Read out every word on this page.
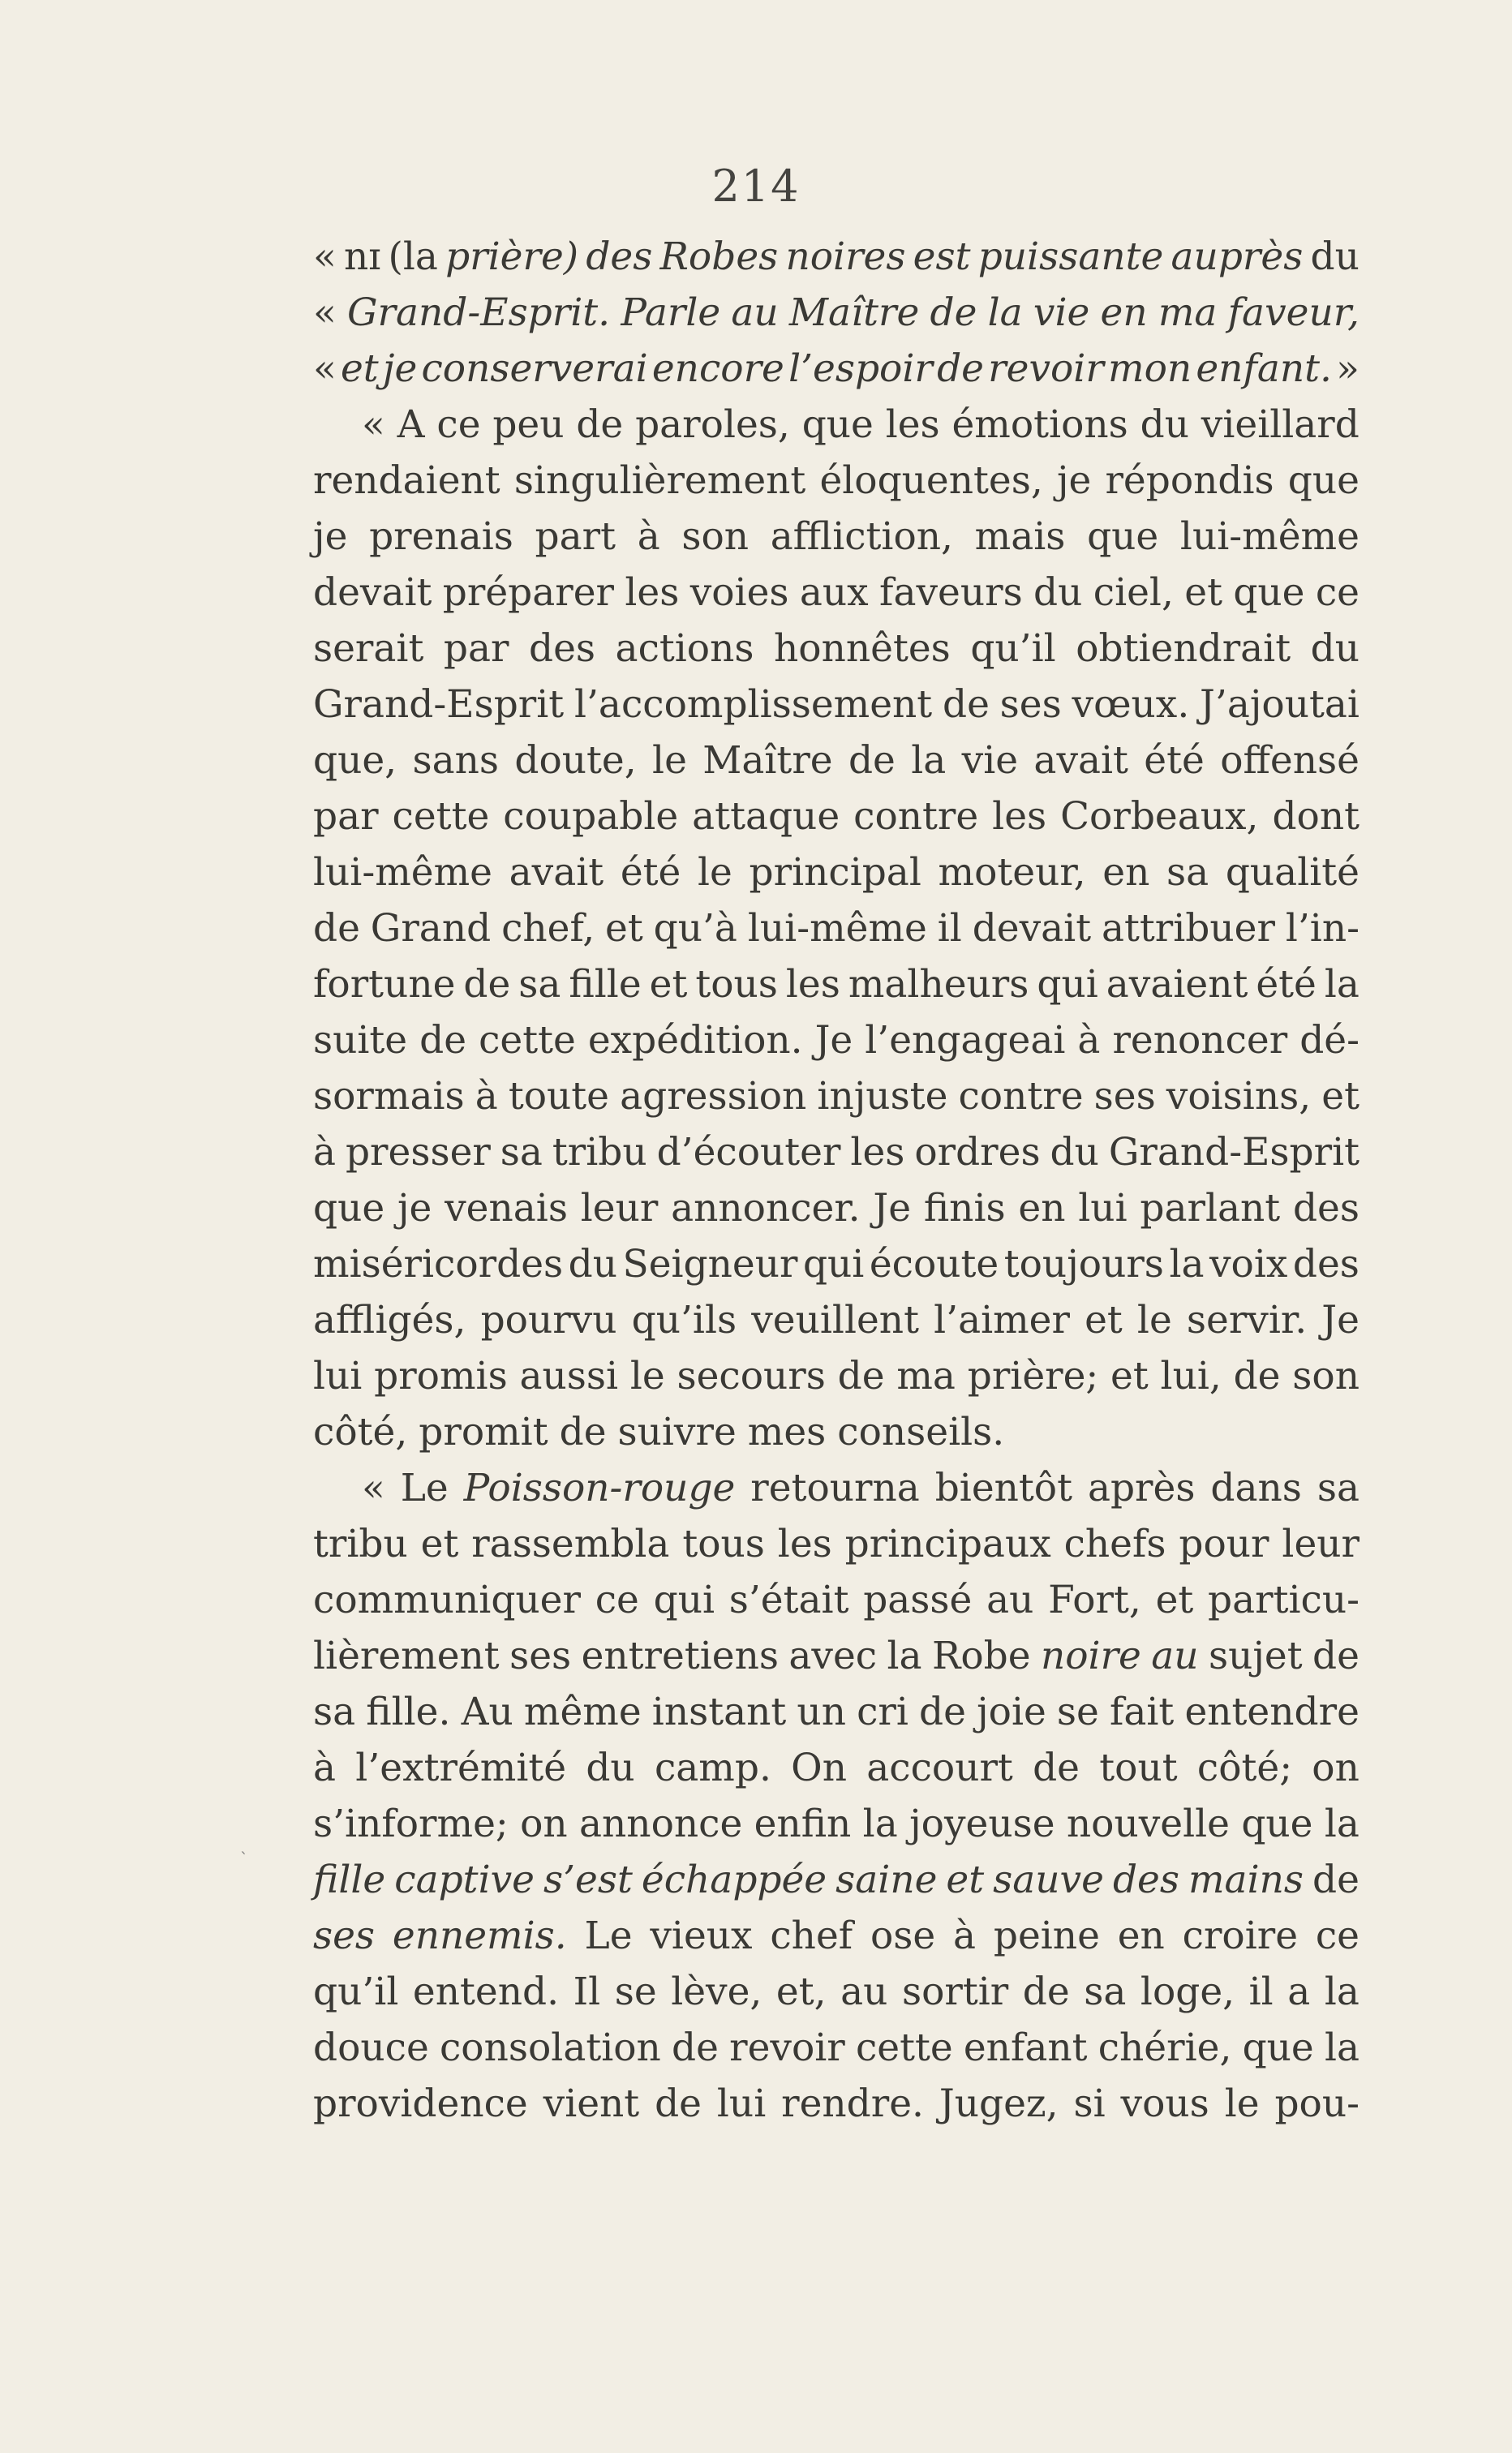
214
« nɪ (la prière) des Robes noires est puissante auprès du
« Grand-Esprit. Parle au Maître de la vie en ma faveur,
« et je conserverai encore l’espoir de revoir mon enfant. »
« A ce peu de paroles, que les émotions du vieillard
rendaient singulièrement éloquentes, je répondis que
je prenais part à son affliction, mais que lui-même
devait préparer les voies aux faveurs du ciel, et que ce
serait par des actions honnêtes qu’il obtiendrait du
Grand-Esprit l’accomplissement de ses vœux. J’ajoutai
que, sans doute, le Maître de la vie avait été offensé
par cette coupable attaque contre les Corbeaux, dont
lui-même avait été le principal moteur, en sa qualité
de Grand chef, et qu’à lui-même il devait attribuer l’in-
fortune de sa fille et tous les malheurs qui avaient été la
suite de cette expédition. Je l’engageai à renoncer dé-
sormais à toute agression injuste contre ses voisins, et
à presser sa tribu d’écouter les ordres du Grand-Esprit
que je venais leur annoncer. Je finis en lui parlant des
miséricordes du Seigneur qui écoute toujours la voix des
affligés, pourvu qu’ils veuillent l’aimer et le servir. Je
lui promis aussi le secours de ma prière; et lui, de son
côté, promit de suivre mes conseils.
« Le Poisson-rouge retourna bientôt après dans sa
tribu et rassembla tous les principaux chefs pour leur
communiquer ce qui s’était passé au Fort, et particu-
lièrement ses entretiens avec la Robe noire au sujet de
sa fille. Au même instant un cri de joie se fait entendre
à l’extrémité du camp. On accourt de tout côté; on
s’informe; on annonce enfin la joyeuse nouvelle que la
fille captive s’est échappée saine et sauve des mains de
ses ennemis. Le vieux chef ose à peine en croire ce
qu’il entend. Il se lève, et, au sortir de sa loge, il a la
douce consolation de revoir cette enfant chérie, que la
providence vient de lui rendre. Jugez, si vous le pou-
`
